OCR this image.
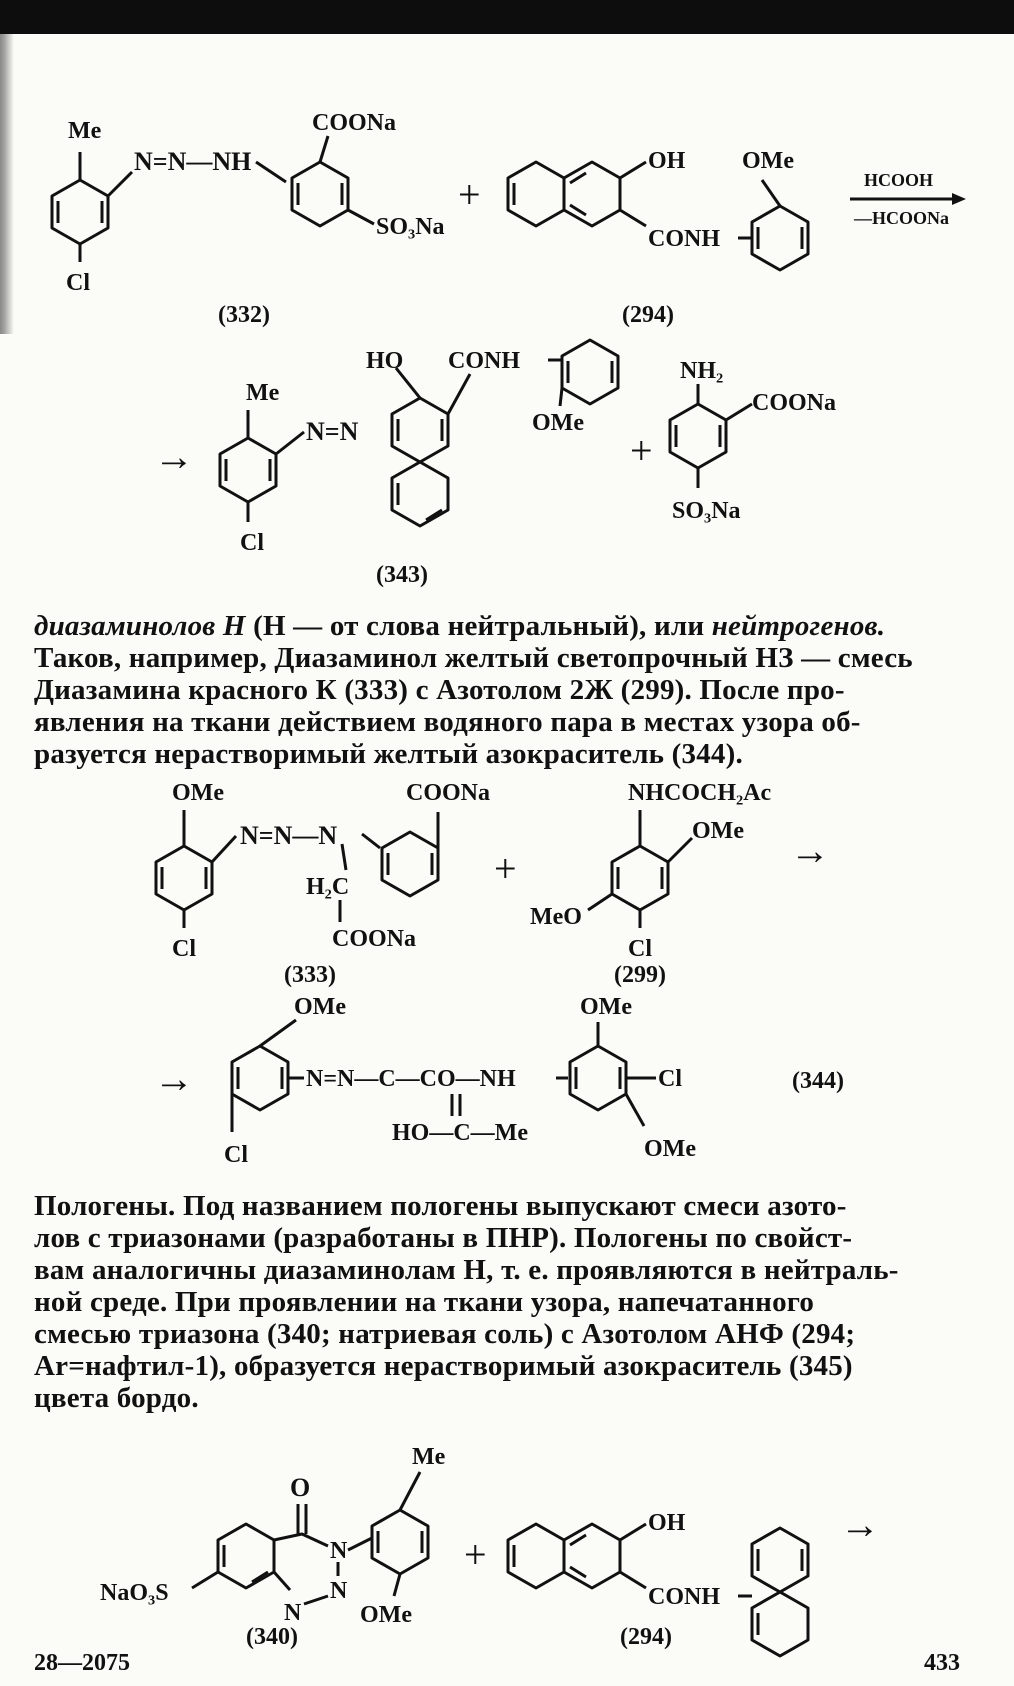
Me
Cl
N=N—NH
COONa
SO₃Na
(332)
+
OH
CONH
OMe
(294)
HCOOH
—HCOONa
→
Me
Cl
N=N
HO CONH
OMe
(343)
+
NH₂
COONa
SO₃Na

диазаминолов Н (Н — от слова нейтральный), или нейтрогенов.
Таков, например, Диазаминол желтый светопрочный НЗ — смесь
Диазамина красного К (333) с Азотолом 2Ж (299). После про-
явления на ткани действием водяного пара в местах узора об-
разуется нерастворимый желтый азокраситель (344).

OMe
Cl
N=N—N
H₂C
COONa
COONa
(333)
+
NHCOCH₂Ac
OMe
MeO
Cl
(299)
→
→
OMe
Cl
N=N—C—CO—NH
HO—C—Me
OMe
Cl
OMe
(344)

Пологены. Под названием пологены выпускают смеси азото-
лов с триазонами (разработаны в ПНР). Пологены по свойст-
вам аналогичны диазаминолам Н, т. е. проявляются в нейтраль-
ной среде. При проявлении на ткани узора, напечатанного
смесью триазона (340; натриевая соль) с Азотолом АНФ (294;
Ar=нафтил-1), образуется нерастворимый азокраситель (345)
цвета бордо.

O
N
N
N
NaO₃S
Me
OMe
(340)
+
OH
CONH
(294)
→
28—2075	433
